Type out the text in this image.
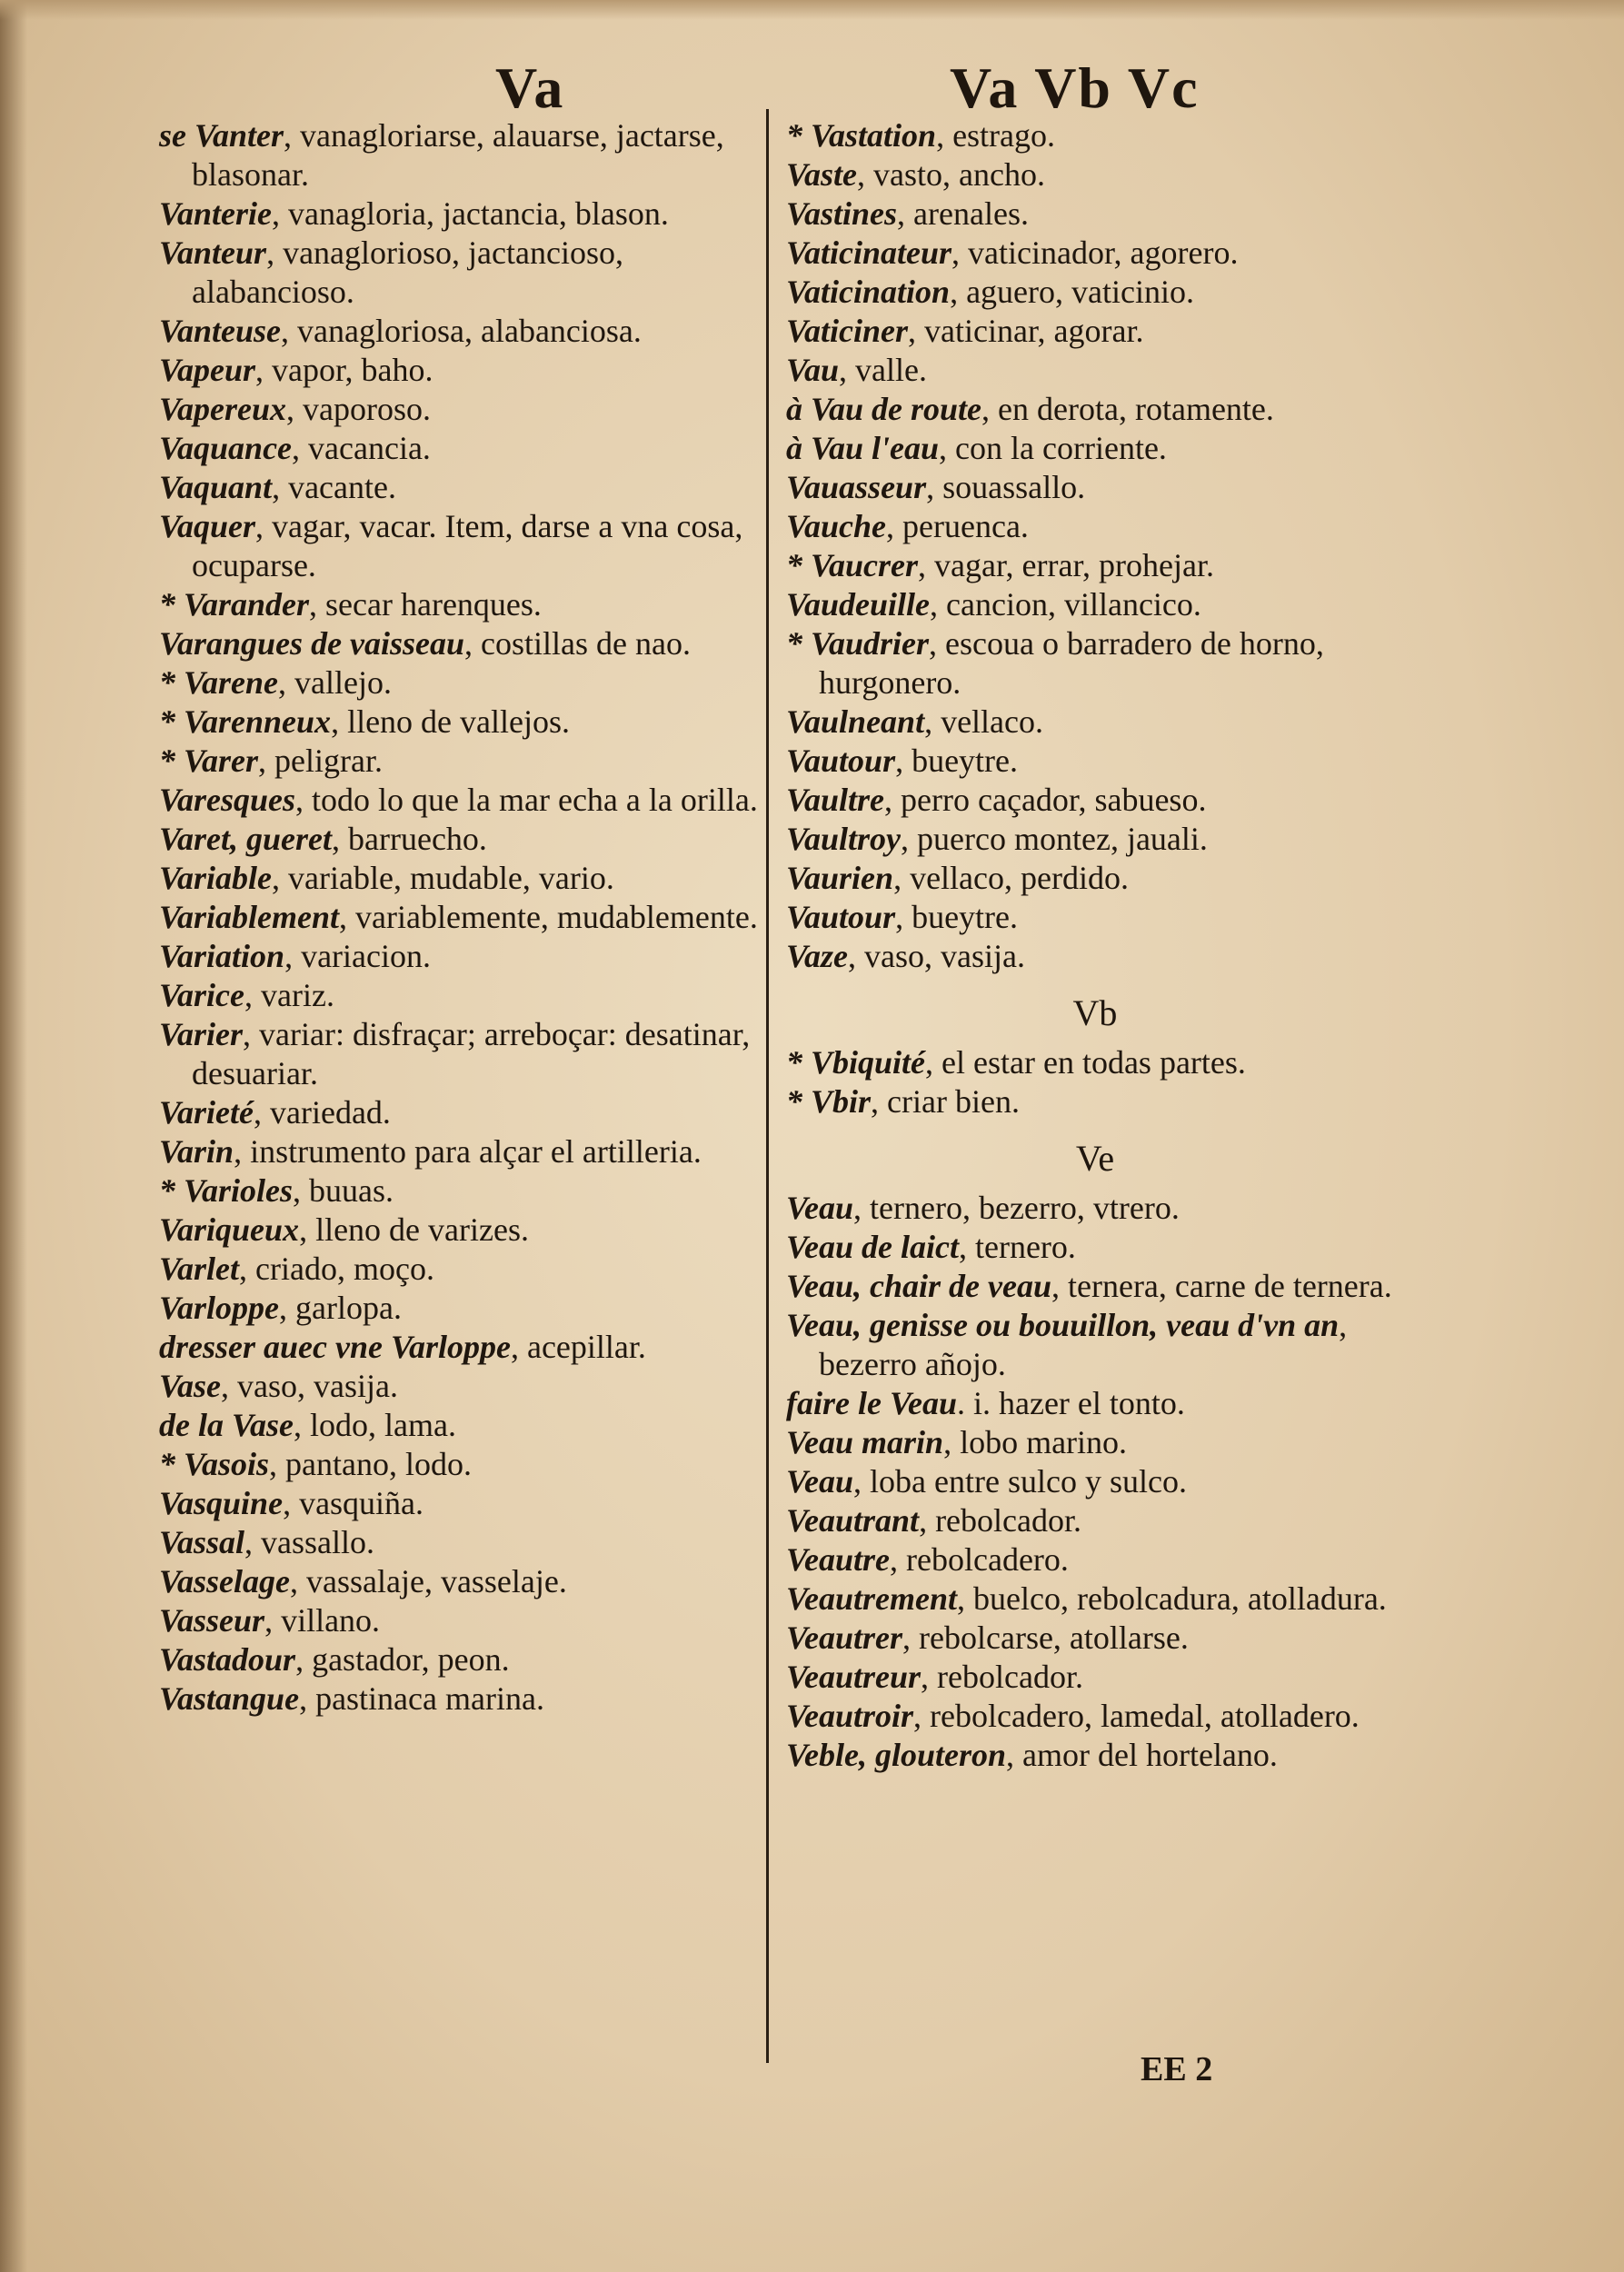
Va	Va Vb Vc

se Vanter, vanagloriarse, alauarse, jactarse, blasonar.

Vanterie, vanagloria, jactancia, blason.

Vanteur, vanaglorioso, jactancioso, alabancioso.

Vanteuse, vanagloriosa, alabanciosa.

Vapeur, vapor, baho.

Vapereux, vaporoso.

Vaquance, vacancia.

Vaquant, vacante.

Vaquer, vagar, vacar. Item, darse a vna cosa, ocuparse.

* Varander, secar harenques.

Varangues de vaisseau, costillas de nao.

* Varene, vallejo.

* Varenneux, lleno de vallejos.

* Varer, peligrar.

Varesques, todo lo que la mar echa a la orilla.

Varet, gueret, barruecho.

Variable, variable, mudable, vario.

Variablement, variablemente, mudablemente.

Variation, variacion.

Varice, variz.

Varier, variar: disfraçar; arreboçar: desatinar, desuariar.

Varieté, variedad.

Varin, instrumento para alçar el artilleria.

* Varioles, buuas.

Variqueux, lleno de varizes.

Varlet, criado, moço.

Varloppe, garlopa.

dresser auec vne Varloppe, acepillar.

Vase, vaso, vasija.

de la Vase, lodo, lama.

* Vasois, pantano, lodo.

Vasquine, vasquiña.

Vassal, vassallo.

Vasselage, vassalaje, vasselaje.

Vasseur, villano.

Vastadour, gastador, peon.

Vastangue, pastinaca marina.

* Vastation, estrago.

Vaste, vasto, ancho.

Vastines, arenales.

Vaticinateur, vaticinador, agorero.

Vaticination, aguero, vaticinio.

Vaticiner, vaticinar, agorar.

Vau, valle.

à Vau de route, en derota, rotamente.

à Vau l'eau, con la corriente.

Vauasseur, souassallo.

Vauche, peruenca.

* Vaucrer, vagar, errar, prohejar.

Vaudeuille, cancion, villancico.

* Vaudrier, escoua o barradero de horno, hurgonero.

Vaulneant, vellaco.

Vautour, bueytre.

Vaultre, perro caçador, sabueso.

Vaultroy, puerco montez, jauali.

Vaurien, vellaco, perdido.

Vautour, bueytre.

Vaze, vaso, vasija.

Vb

* Vbiquité, el estar en todas partes.

* Vbir, criar bien.

Ve

Veau, ternero, bezerro, vtrero.

Veau de laict, ternero.

Veau, chair de veau, ternera, carne de ternera.

Veau, genisse ou bouuillon, veau d'vn an, bezerro añojo.

faire le Veau. i. hazer el tonto.

Veau marin, lobo marino.

Veau, loba entre sulco y sulco.

Veautrant, rebolcador.

Veautre, rebolcadero.

Veautrement, buelco, rebolcadura, atolladura.

Veautrer, rebolcarse, atollarse.

Veautreur, rebolcador.

Veautroir, rebolcadero, lamedal, atolladero.

Veble, glouteron, amor del hortelano.

EE 2
